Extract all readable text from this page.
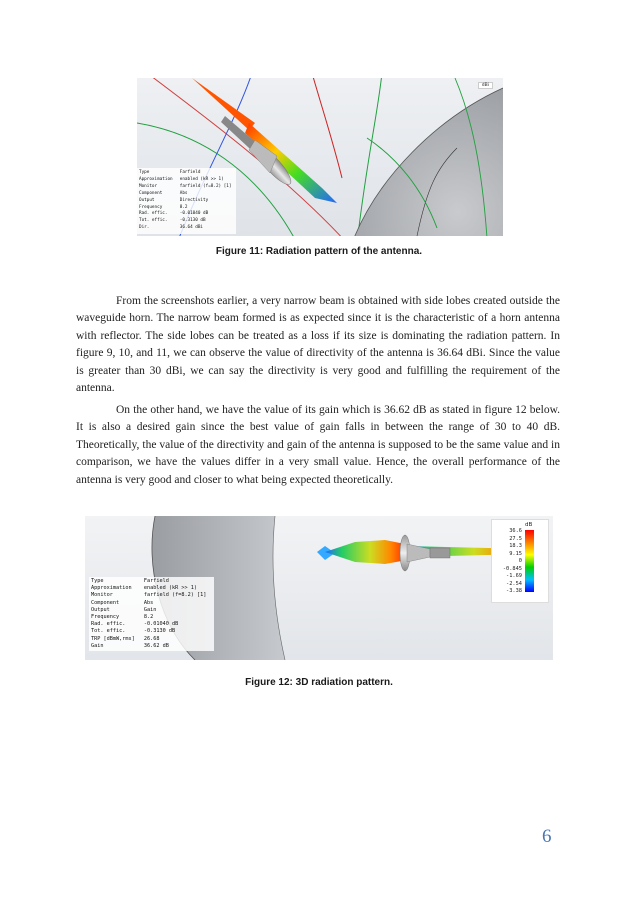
dBi
Type	Farfield
Approximation	enabled (kR >> 1)
Monitor	farfield (f=8.2) [1]
Component	Abs
Output	Directivity
Frequency	8.2
Rad. effic.	-0.01040 dB
Tot. effic.	-0.3130 dB
Dir.	36.64 dBi
Figure 11: Radiation pattern of the antenna.

From the screenshots earlier, a very narrow beam is obtained with side lobes created outside the waveguide horn. The narrow beam formed is as expected since it is the characteristic of a horn antenna with reflector. The side lobes can be treated as a loss if its size is dominating the radiation pattern. In figure 9, 10, and 11, we can observe the value of directivity of the antenna is 36.64 dBi. Since the value is greater than 30 dBi, we can say the directivity is very good and fulfilling the requirement of the antenna.

On the other hand, we have the value of its gain which is 36.62 dB as stated in figure 12 below. It is also a desired gain since the best value of gain falls in between the range of 30 to 40 dB. Theoretically, the value of the directivity and gain of the antenna is supposed to be the same value and in comparison, we have the values differ in a very small value. Hence, the overall performance of the antenna is very good and closer to what being expected theoretically.

dB
36.6
27.5
18.3
9.15
0
-0.845
-1.69
-2.54
-3.38
Type	Farfield
Approximation	enabled (kR >> 1)
Monitor	farfield (f=8.2) [1]
Component	Abs
Output	Gain
Frequency	8.2
Rad. effic.	-0.01040 dB
Tot. effic.	-0.3130 dB
TRP [dBmW,rms]	26.68
Gain	36.62 dB
Figure 12: 3D radiation pattern.
6
